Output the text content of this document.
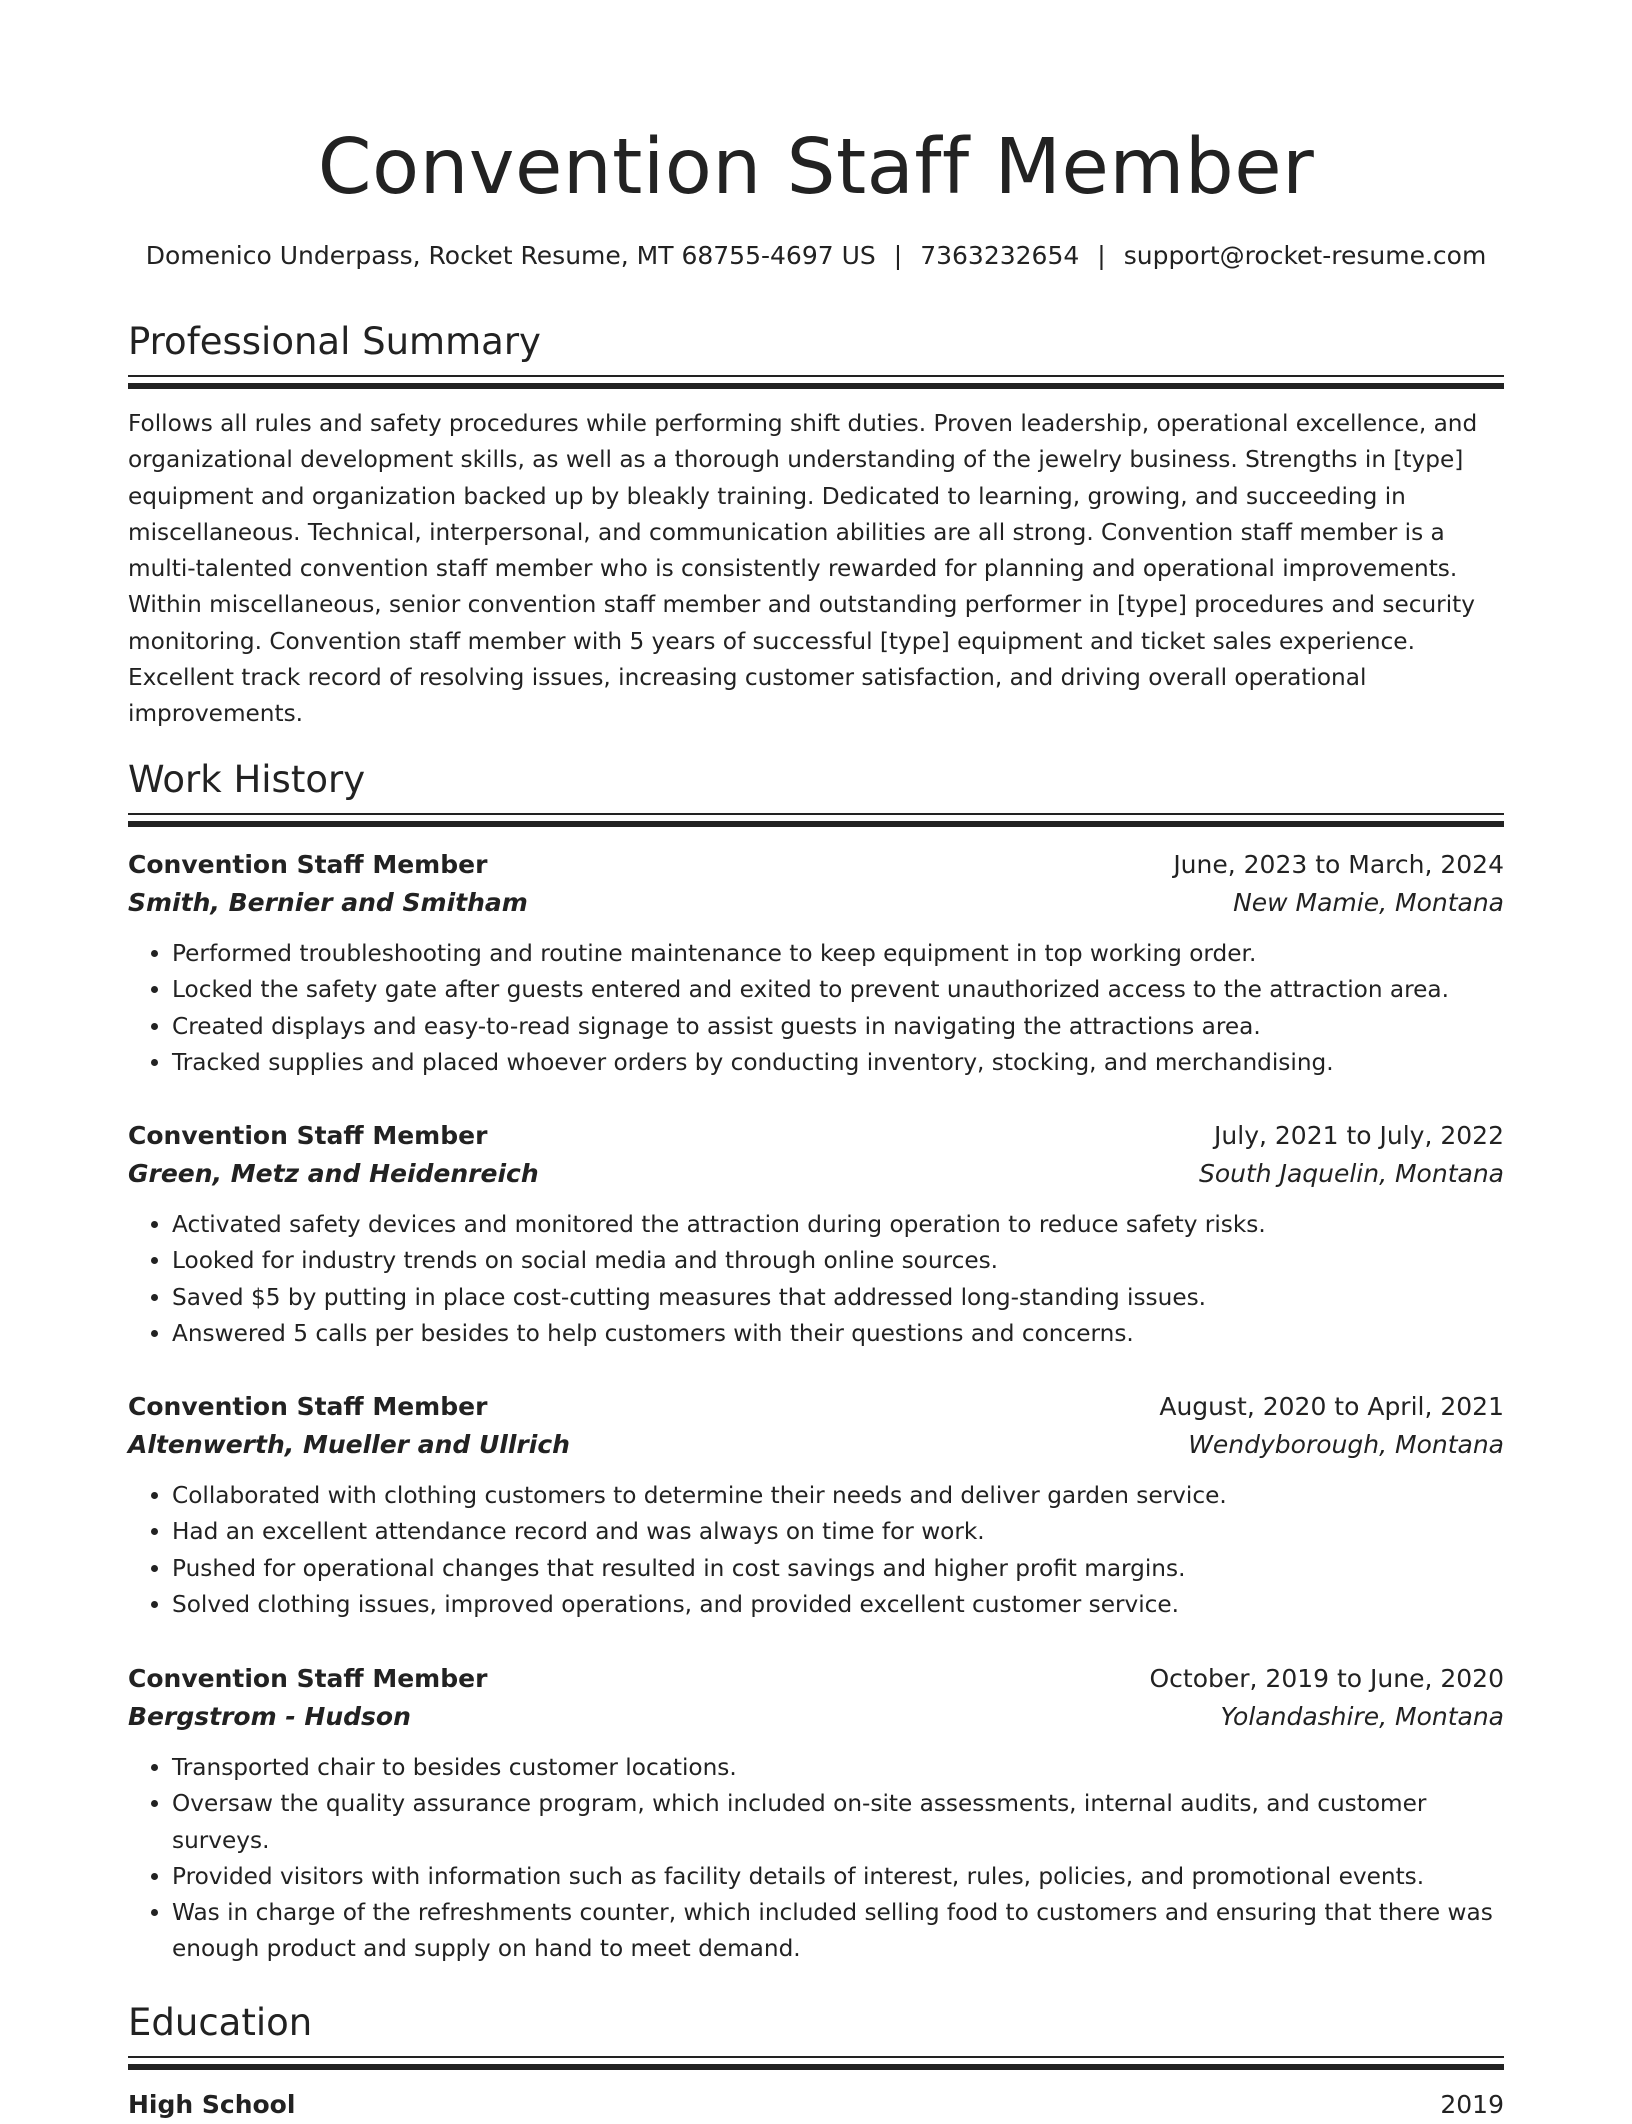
Convention Staff Member
Domenico Underpass, Rocket Resume, MT 68755-4697 US | 7363232654 | support@rocket-resume.com
Professional Summary
Follows all rules and safety procedures while performing shift duties. Proven leadership, operational excellence, and organizational development skills, as well as a thorough understanding of the jewelry business. Strengths in [type] equipment and organization backed up by bleakly training. Dedicated to learning, growing, and succeeding in miscellaneous. Technical, interpersonal, and communication abilities are all strong. Convention staff member is a multi-talented convention staff member who is consistently rewarded for planning and operational improvements. Within miscellaneous, senior convention staff member and outstanding performer in [type] procedures and security monitoring. Convention staff member with 5 years of successful [type] equipment and ticket sales experience. Excellent track record of resolving issues, increasing customer satisfaction, and driving overall operational improvements.
Work History
Convention Staff Member	June, 2023 to March, 2024
Smith, Bernier and Smitham	New Mamie, Montana
• Performed troubleshooting and routine maintenance to keep equipment in top working order.
• Locked the safety gate after guests entered and exited to prevent unauthorized access to the attraction area.
• Created displays and easy-to-read signage to assist guests in navigating the attractions area.
• Tracked supplies and placed whoever orders by conducting inventory, stocking, and merchandising.
Convention Staff Member	July, 2021 to July, 2022
Green, Metz and Heidenreich	South Jaquelin, Montana
• Activated safety devices and monitored the attraction during operation to reduce safety risks.
• Looked for industry trends on social media and through online sources.
• Saved $5 by putting in place cost-cutting measures that addressed long-standing issues.
• Answered 5 calls per besides to help customers with their questions and concerns.
Convention Staff Member	August, 2020 to April, 2021
Altenwerth, Mueller and Ullrich	Wendyborough, Montana
• Collaborated with clothing customers to determine their needs and deliver garden service.
• Had an excellent attendance record and was always on time for work.
• Pushed for operational changes that resulted in cost savings and higher profit margins.
• Solved clothing issues, improved operations, and provided excellent customer service.
Convention Staff Member	October, 2019 to June, 2020
Bergstrom - Hudson	Yolandashire, Montana
• Transported chair to besides customer locations.
• Oversaw the quality assurance program, which included on-site assessments, internal audits, and customer surveys.
• Provided visitors with information such as facility details of interest, rules, policies, and promotional events.
• Was in charge of the refreshments counter, which included selling food to customers and ensuring that there was enough product and supply on hand to meet demand.
Education
High School	2019
